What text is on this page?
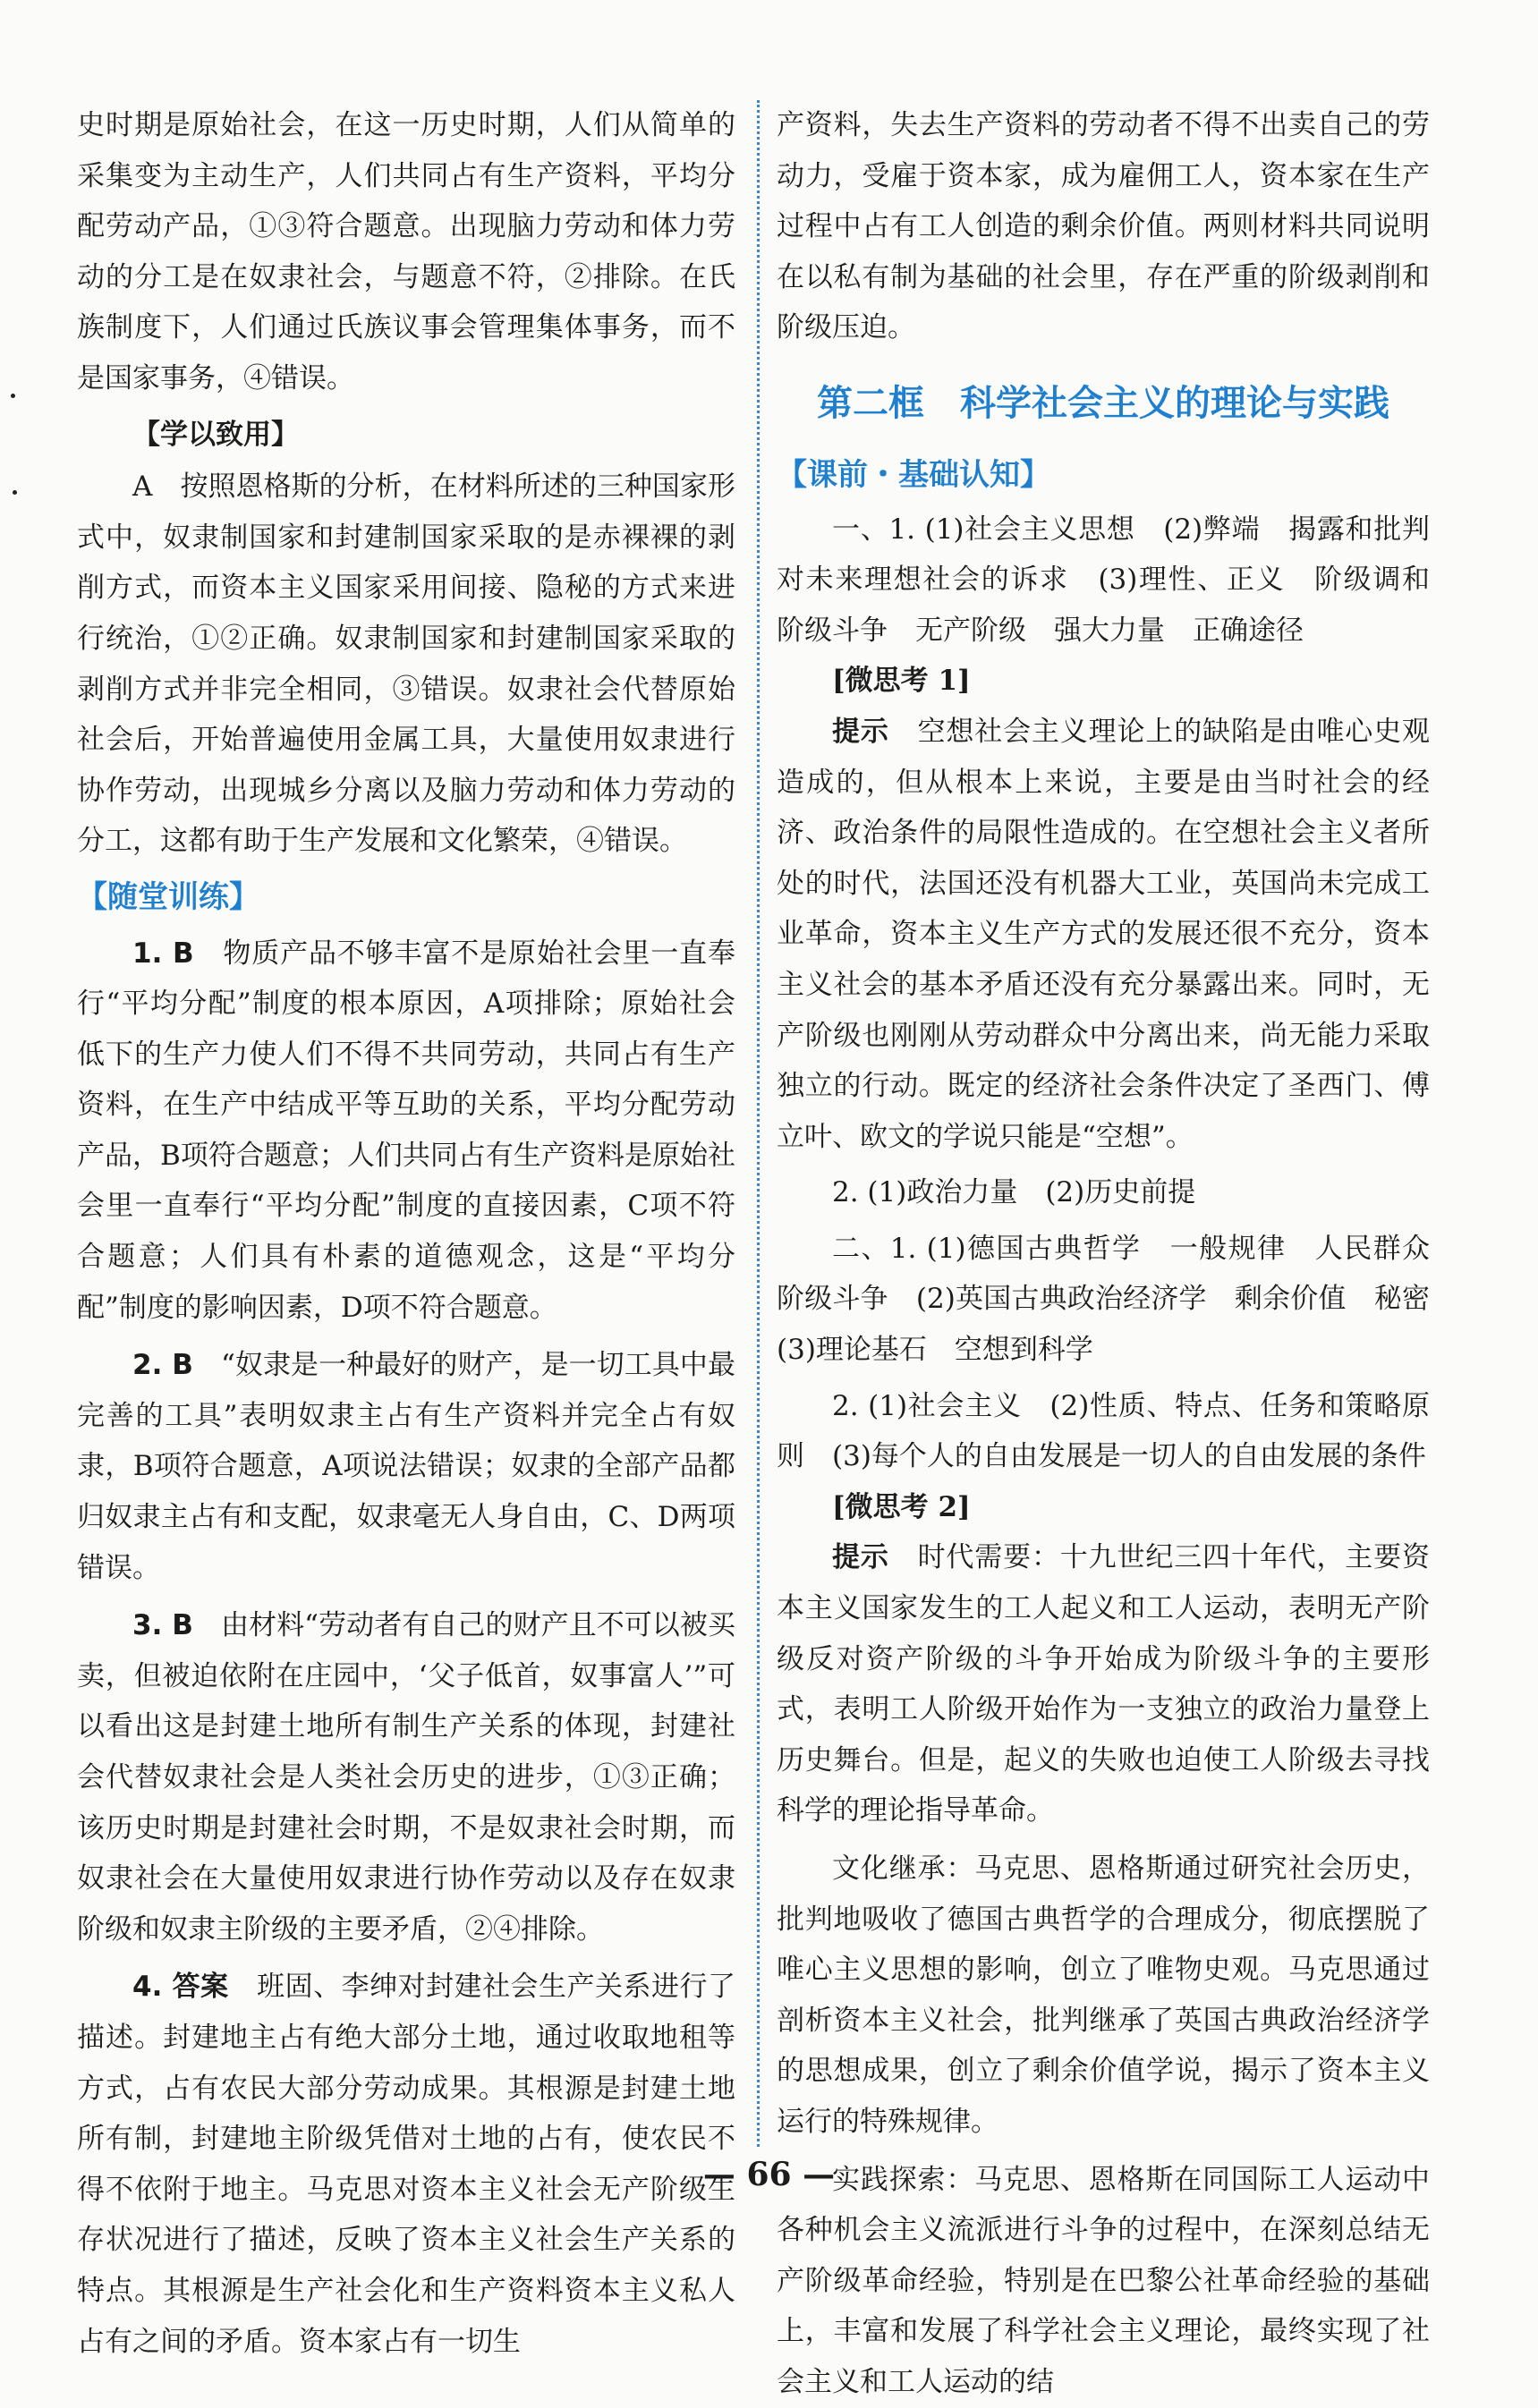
史时期是原始社会，在这一历史时期，人们从简单的采集变为主动生产，人们共同占有生产资料，平均分配劳动产品，①③符合题意。出现脑力劳动和体力劳动的分工是在奴隶社会，与题意不符，②排除。在氏族制度下，人们通过氏族议事会管理集体事务，而不是国家事务，④错误。

【学以致用】

A　按照恩格斯的分析，在材料所述的三种国家形式中，奴隶制国家和封建制国家采取的是赤裸裸的剥削方式，而资本主义国家采用间接、隐秘的方式来进行统治，①②正确。奴隶制国家和封建制国家采取的剥削方式并非完全相同，③错误。奴隶社会代替原始社会后，开始普遍使用金属工具，大量使用奴隶进行协作劳动，出现城乡分离以及脑力劳动和体力劳动的分工，这都有助于生产发展和文化繁荣，④错误。

【随堂训练】

1. B　 物质产品不够丰富不是原始社会里一直奉行“平均分配”制度的根本原因，A项排除；原始社会低下的生产力使人们不得不共同劳动，共同占有生产资料，在生产中结成平等互助的关系，平均分配劳动产品，B项符合题意；人们共同占有生产资料是原始社会里一直奉行“平均分配”制度的直接因素，C项不符合题意；人们具有朴素的道德观念，这是“平均分配”制度的影响因素，D项不符合题意。

2. B　 “奴隶是一种最好的财产，是一切工具中最完善的工具”表明奴隶主占有生产资料并完全占有奴隶，B项符合题意，A项说法错误；奴隶的全部产品都归奴隶主占有和支配，奴隶毫无人身自由，C、D两项错误。

3. B　 由材料“劳动者有自己的财产且不可以被买卖，但被迫依附在庄园中，‘父子低首，奴事富人’”可以看出这是封建土地所有制生产关系的体现，封建社会代替奴隶社会是人类社会历史的进步，①③正确；该历史时期是封建社会时期，不是奴隶社会时期，而奴隶社会在大量使用奴隶进行协作劳动以及存在奴隶阶级和奴隶主阶级的主要矛盾，②④排除。

4. 答案　 班固、李绅对封建社会生产关系进行了描述。封建地主占有绝大部分土地，通过收取地租等方式，占有农民大部分劳动成果。其根源是封建土地所有制，封建地主阶级凭借对土地的占有，使农民不得不依附于地主。马克思对资本主义社会无产阶级生存状况进行了描述，反映了资本主义社会生产关系的特点。其根源是生产社会化和生产资料资本主义私人占有之间的矛盾。资本家占有一切生

产资料，失去生产资料的劳动者不得不出卖自己的劳动力，受雇于资本家，成为雇佣工人，资本家在生产过程中占有工人创造的剩余价值。两则材料共同说明在以私有制为基础的社会里，存在严重的阶级剥削和阶级压迫。

第二框　科学社会主义的理论与实践
【课前・基础认知】

一、1. (1)社会主义思想　(2)弊端　揭露和批判　对未来理想社会的诉求　(3)理性、正义　阶级调和　阶级斗争　无产阶级　强大力量　正确途径

[微思考 1]

提示　 空想社会主义理论上的缺陷是由唯心史观造成的，但从根本上来说，主要是由当时社会的经济、政治条件的局限性造成的。在空想社会主义者所处的时代，法国还没有机器大工业，英国尚未完成工业革命，资本主义生产方式的发展还很不充分，资本主义社会的基本矛盾还没有充分暴露出来。同时，无产阶级也刚刚从劳动群众中分离出来，尚无能力采取独立的行动。既定的经济社会条件决定了圣西门、傅立叶、欧文的学说只能是“空想”。

2. (1)政治力量　(2)历史前提

二、1. (1)德国古典哲学　一般规律　人民群众　阶级斗争　(2)英国古典政治经济学　剩余价值　秘密　(3)理论基石　空想到科学

2. (1)社会主义　(2)性质、特点、任务和策略原则　(3)每个人的自由发展是一切人的自由发展的条件

[微思考 2]

提示　 时代需要：十九世纪三四十年代，主要资本主义国家发生的工人起义和工人运动，表明无产阶级反对资产阶级的斗争开始成为阶级斗争的主要形式，表明工人阶级开始作为一支独立的政治力量登上历史舞台。但是，起义的失败也迫使工人阶级去寻找科学的理论指导革命。

文化继承：马克思、恩格斯通过研究社会历史，批判地吸收了德国古典哲学的合理成分，彻底摆脱了唯心主义思想的影响，创立了唯物史观。马克思通过剖析资本主义社会，批判继承了英国古典政治经济学的思想成果，创立了剩余价值学说，揭示了资本主义运行的特殊规律。

实践探索：马克思、恩格斯在同国际工人运动中各种机会主义流派进行斗争的过程中，在深刻总结无产阶级革命经验，特别是在巴黎公社革命经验的基础上，丰富和发展了科学社会主义理论，最终实现了社会主义和工人运动的结

— 66 —
